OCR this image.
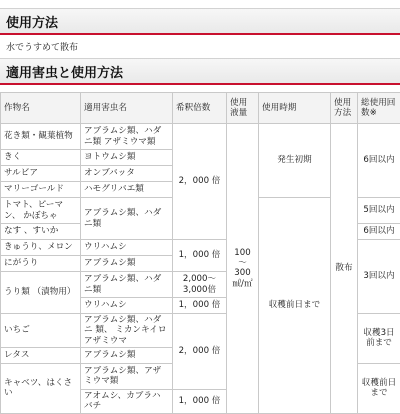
使用方法
水でうすめて散布
適用害虫と使用方法
作物名	適用害虫名	希釈倍数	使用液量	使用時期	使用方法	総使用回数※	
花き類・観葉植物	アブラムシ類、ハダニ類 アザミウマ類	2，000 倍	100 ～ 300㎖/㎡	発生初期	散布	6回以内	
きく	ヨトウムシ類						
サルビア	オンブバッタ						
マリーゴールド	ハモグリバエ類						
トマト、ピーマン、 かぼちゃ	アブラムシ類、ハダニ類			収穫前日まで		5回以内	
なす 、すいか						6回以内	
きゅうり、メロン	ウリハムシ	1，000 倍				3回以内	
にがうり	アブラムシ類						
うり類 （漬物用）	アブラムシ類、ハダニ類	2,000～ 3,000倍					
	ウリハムシ	1，000 倍					
いちご	アブラムシ類、ハダニ 類、 ミカンキイロアザミウマ	2，000 倍				収穫3日前まで	
レタス	アブラムシ類						
キャベツ、はくさい	アブラムシ類、アザミウマ類					収穫前日まで	
	アオムシ、カブラハバチ	1，000 倍					
